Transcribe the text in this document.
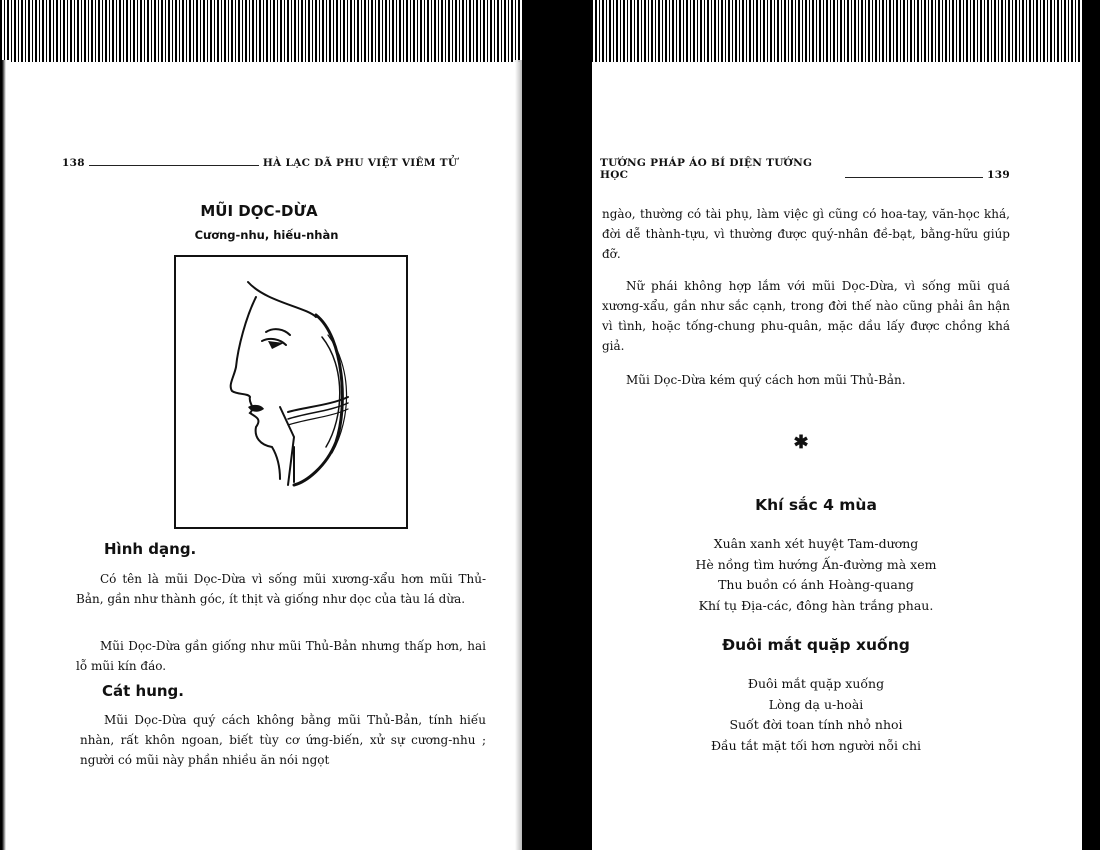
138	HÀ LẠC DÃ PHU VIỆT VIÊM TỬ
MŨI DỌC-DỪA
Cương-nhu, hiếu-nhàn
Hình dạng.
Có tên là mũi Dọc-Dừa vì sống mũi xương-xẩu hơn mũi Thủ-Bản, gần như thành góc, ít thịt và giống như dọc của tàu lá dừa.
Mũi Dọc-Dừa gần giống như mũi Thủ-Bản nhưng thấp hơn, hai lỗ mũi kín đáo.
Cát hung.
Mũi Dọc-Dừa quý cách không bằng mũi Thủ-Bản, tính hiếu nhàn, rất khôn ngoan, biết tùy cơ ứng-biến, xử sự cương-nhu ; người có mũi này phần nhiều ăn nói ngọt
TƯỚNG PHÁP ÁO BÍ DIỆN TƯỚNG HỌC	139
ngào, thường có tài phụ, làm việc gì cũng có hoa-tay, văn-học khá, đời dễ thành-tựu, vì thường được quý-nhân đề-bạt, bằng-hữu giúp đỡ.
Nữ phái không hợp lắm với mũi Dọc-Dừa, vì sống mũi quá xương-xẩu, gần như sắc cạnh, trong đời thế nào cũng phải ân hận vì tình, hoặc tống-chung phu-quân, mặc dầu lấy được chồng khá giả.
Mũi Dọc-Dừa kém quý cách hơn mũi Thủ-Bản.
✱
Khí sắc 4 mùa
Xuân xanh xét huyệt Tam-dương
Hè nồng tìm hướng Ấn-đường mà xem
Thu buồn có ánh Hoàng-quang
Khí tụ Địa-các, đông hàn trắng phau.
Đuôi mắt quặp xuống
Đuôi mắt quặp xuống
Lòng dạ u-hoài
Suốt đời toan tính nhỏ nhoi
Đầu tắt mặt tối hơn người nỗi chi
